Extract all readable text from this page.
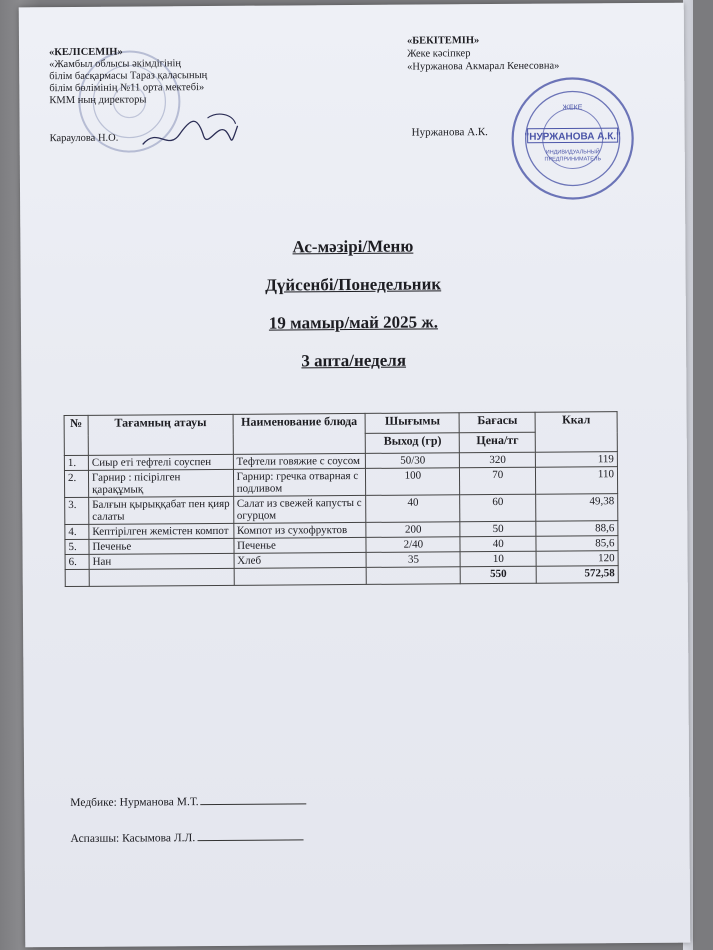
«КЕЛІСЕМІН»
«Жамбыл облысы әкімдігінің
білім басқармасы Тараз қаласының
білім бөлімінің №11 орта мектебі»
КММ ның директоры
Караулова Н.О.
«БЕКІТЕМІН»
Жеке кәсіпкер
«Нуржанова Акмарал Кенесовна»
Нуржанова А.К.
ЖЕКЕ
"НУРЖАНОВА А.К."
ИНДИВИДУАЛЬНЫЙ
ПРЕДПРИНИМАТЕЛЬ
Ас-мәзірі/Меню
Дүйсенбі/Понедельник
19 мамыр/май 2025 ж.
3 апта/неделя
№	Тағамның атауы	Наименование блюда	Шығымы	Бағасы	Ккал
			Выход (гр)	Цена/тг	
1.	Сиыр еті тефтелі соуспен	Тефтели говяжие с соусом	50/30	320	119
2.	Гарнир : пісірілген қарақұмық	Гарнир: гречка отварная с подливом	100	70	110
3.	Балғын қырыққабат пен қияр салаты	Салат из свежей капусты с огурцом	40	60	49,38
4.	Кептірілген жемістен компот	Компот из сухофруктов	200	50	88,6
5.	Печенье	Печенье	2/40	40	85,6
6.	Нан	Хлеб	35	10	120
				550	572,58
Медбике: Нурманова М.Т.
Аспазшы: Касымова Л.Л.
